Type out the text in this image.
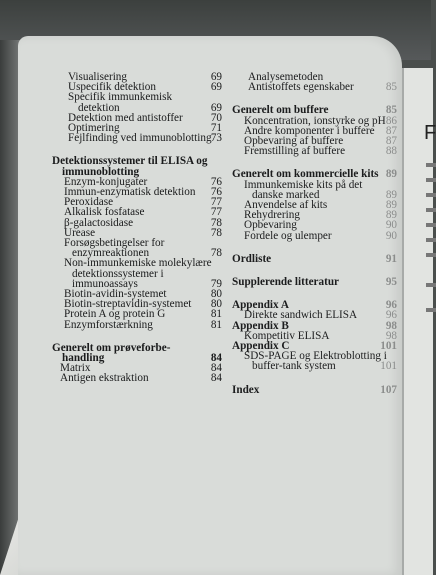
F
Visualisering	69
Uspecifik detektion	69
Specifik immunkemisk
detektion	69
Detektion med antistoffer	70
Optimering	71
Fejlfinding ved immunoblotting 73
Detektionssystemer til ELISA og
immunoblotting
Enzym-konjugater	76
Immun-enzymatisk detektion 76
Peroxidase	77
Alkalisk fosfatase	77
β-galactosidase	78
Urease	78
Forsøgsbetingelser for
enzymreaktionen	78
Non-immunkemiske molekylære
detektionssystemer i
immunoassays	79
Biotin-avidin-systemet	80
Biotin-streptavidin-systemet 80
Protein A og protein G	81
Enzymforstærkning	81
Generelt om prøveforbe-
handling	84
Matrix	84
Antigen ekstraktion	84
Analysemetoden
Antistoffets egenskaber	85
Generelt om buffere	85
Koncentration, ionstyrke og pH 86
Andre komponenter i buffere 87
Opbevaring af buffere	87
Fremstilling af buffere	88
Generelt om kommercielle kits 89
Immunkemiske kits på det
danske marked	89
Anvendelse af kits	89
Rehydrering	89
Opbevaring	90
Fordele og ulemper	90
Ordliste	91
Supplerende litteratur	95
Appendix A	96
Direkte sandwich ELISA	96
Appendix B	98
Kompetitiv ELISA	98
Appendix C	101
SDS-PAGE og Elektroblotting i
buffer-tank system	101
Index	107
